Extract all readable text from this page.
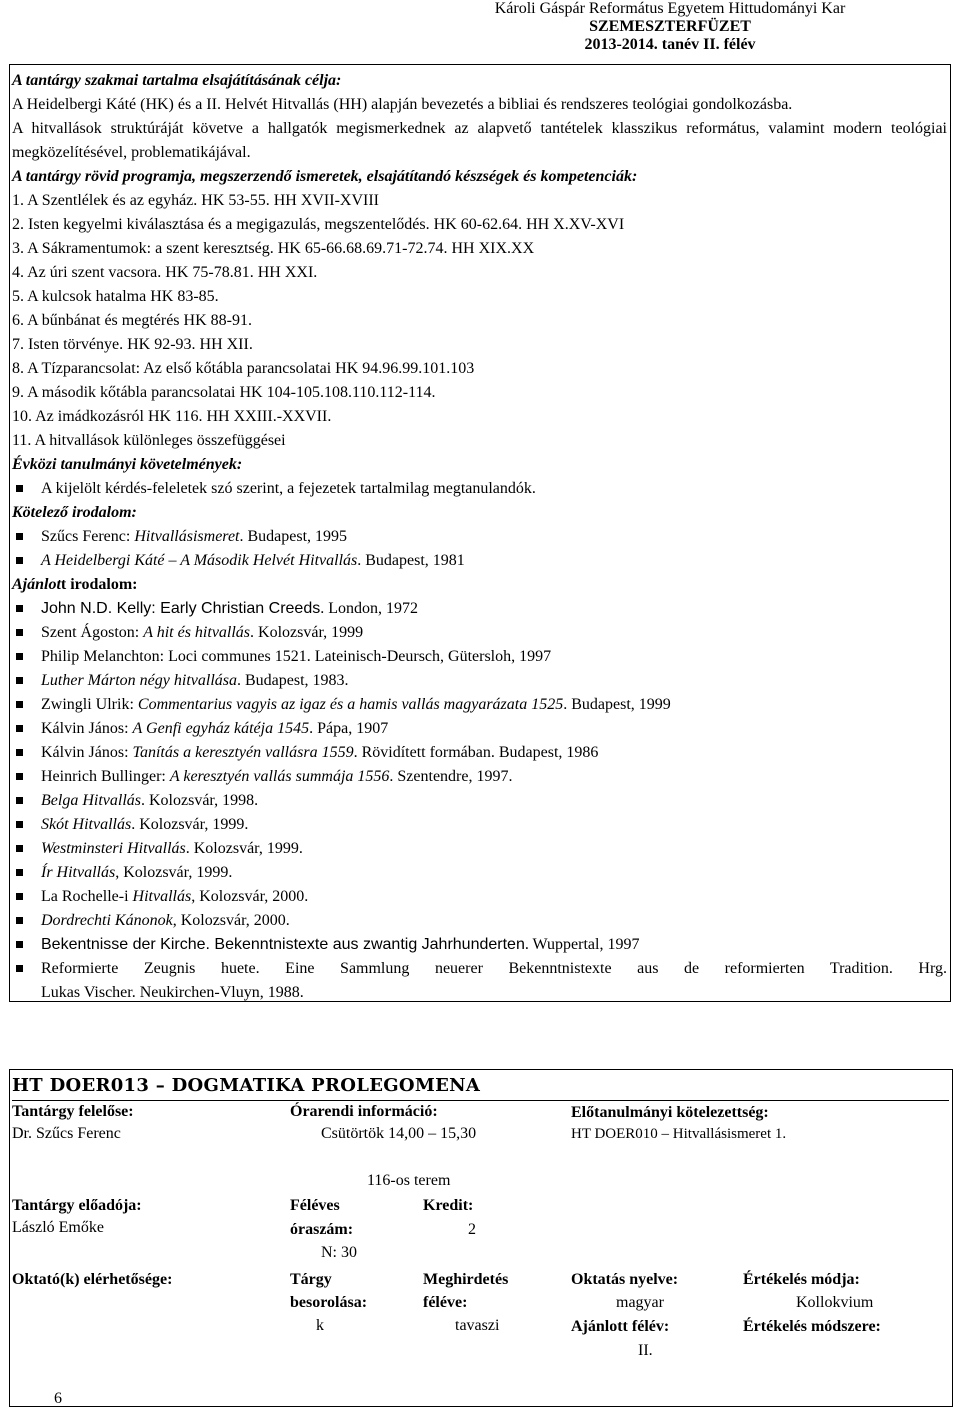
Károli Gáspár Református Egyetem Hittudományi Kar
SZEMESZTERFÜZET
2013-2014. tanév II. félév
A tantárgy szakmai tartalma elsajátításának célja:
A Heidelbergi Káté (HK) és a II. Helvét Hitvallás (HH) alapján bevezetés a bibliai és rendszeres teológiai gondolkozásba.
A hitvallások struktúráját követve a hallgatók megismerkednek az alapvető tantételek klasszikus református, valamint modern teológiai megközelítésével, problematikájával.
A tantárgy rövid programja, megszerzendő ismeretek, elsajátítandó készségek és kompetenciák:
1. A Szentlélek és az egyház. HK 53-55. HH XVII-XVIII
2. Isten kegyelmi kiválasztása és a megigazulás, megszentelődés. HK 60-62.64. HH X.XV-XVI
3. A Sákramentumok: a szent keresztség. HK 65-66.68.69.71-72.74. HH XIX.XX
4. Az úri szent vacsora. HK 75-78.81. HH XXI.
5. A kulcsok hatalma HK 83-85.
6. A bűnbánat és megtérés HK 88-91.
7. Isten törvénye. HK 92-93. HH XII.
8. A Tízparancsolat: Az első kőtábla parancsolatai HK 94.96.99.101.103
9. A második kőtábla parancsolatai HK 104-105.108.110.112-114.
10. Az imádkozásról HK 116. HH XXIII.-XXVII.
11. A hitvallások különleges összefüggései
Évközi tanulmányi követelmények:
A kijelölt kérdés-feleletek szó szerint, a fejezetek tartalmilag megtanulandók.
Kötelező irodalom:
Szűcs Ferenc: Hitvallásismeret. Budapest, 1995
A Heidelbergi Káté – A Második Helvét Hitvallás. Budapest, 1981
Ajánlott irodalom:
John N.D. Kelly: Early Christian Creeds. London, 1972
Szent Ágoston: A hit és hitvallás. Kolozsvár, 1999
Philip Melanchton: Loci communes 1521. Lateinisch-Deursch, Gütersloh, 1997
Luther Márton négy hitvallása. Budapest, 1983.
Zwingli Ulrik: Commentarius vagyis az igaz és a hamis vallás magyarázata 1525. Budapest, 1999
Kálvin János: A Genfi egyház kátéja 1545. Pápa, 1907
Kálvin János: Tanítás a keresztyén vallásra 1559. Rövidített formában. Budapest, 1986
Heinrich Bullinger: A keresztyén vallás summája 1556. Szentendre, 1997.
Belga Hitvallás. Kolozsvár, 1998.
Skót Hitvallás. Kolozsvár, 1999.
Westminsteri Hitvallás. Kolozsvár, 1999.
Ír Hitvallás, Kolozsvár, 1999.
La Rochelle-i Hitvallás, Kolozsvár, 2000.
Dordrechti Kánonok, Kolozsvár, 2000.
Bekentnisse der Kirche. Bekenntnistexte aus zwantig Jahrhunderten. Wuppertal, 1997
Reformierte Zeugnis huete. Eine Sammlung neuerer Bekenntnistexte aus de reformierten Tradition. Hrg.
Lukas Vischer. Neukirchen-Vluyn, 1988.
HT DOER013 – DOGMATIKA PROLEGOMENA
Tantárgy felelőse:
Dr. Szűcs Ferenc
Órarendi információ:
Csütörtök 14,00 – 15,30
116-os terem
Előtanulmányi kötelezettség:
HT DOER010 – Hitvallásismeret 1.
Tantárgy előadója:
László Emőke
Féléves
óraszám:
N: 30
Kredit:
2
Oktató(k) elérhetősége:	Tárgy
besorolása:
k
Meghirdetés
féléve:
tavaszi
Oktatás nyelve:
magyar
Ajánlott félév:
II.
Értékelés módja:
Kollokvium
Értékelés módszere:
6
